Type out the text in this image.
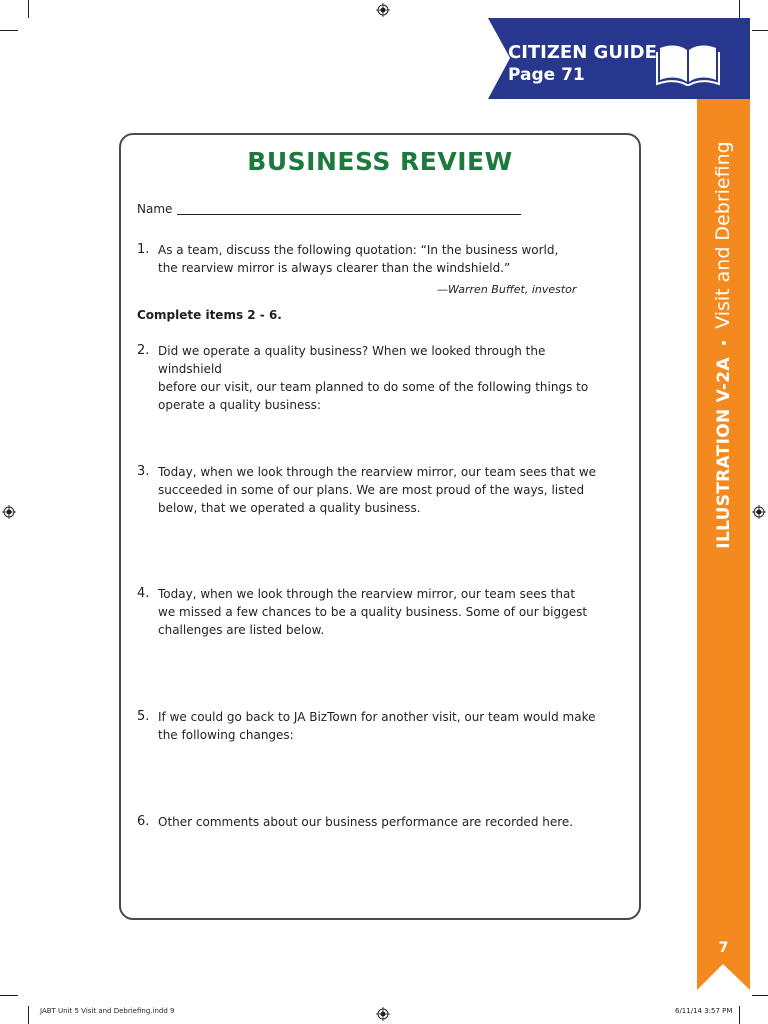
CITIZEN GUIDE
Page 71
ILLUSTRATION V-2A•Visit and Debriefing
7
BUSINESS REVIEW
Name
1. As a team, discuss the following quotation: “In the business world,
the rearview mirror is always clearer than the windshield.”
—Warren Buffet, investor
Complete items 2 - 6.
2. Did we operate a quality business? When we looked through the windshield
before our visit, our team planned to do some of the following things to
operate a quality business:
3. Today, when we look through the rearview mirror, our team sees that we
succeeded in some of our plans. We are most proud of the ways, listed
below, that we operated a quality business.
4. Today, when we look through the rearview mirror, our team sees that
we missed a few chances to be a quality business. Some of our biggest
challenges are listed below.
5. If we could go back to JA BizTown for another visit, our team would make
the following changes:
6. Other comments about our business performance are recorded here.
JABT Unit 5 Visit and Debriefing.indd 9	6/11/14 3:57 PM
